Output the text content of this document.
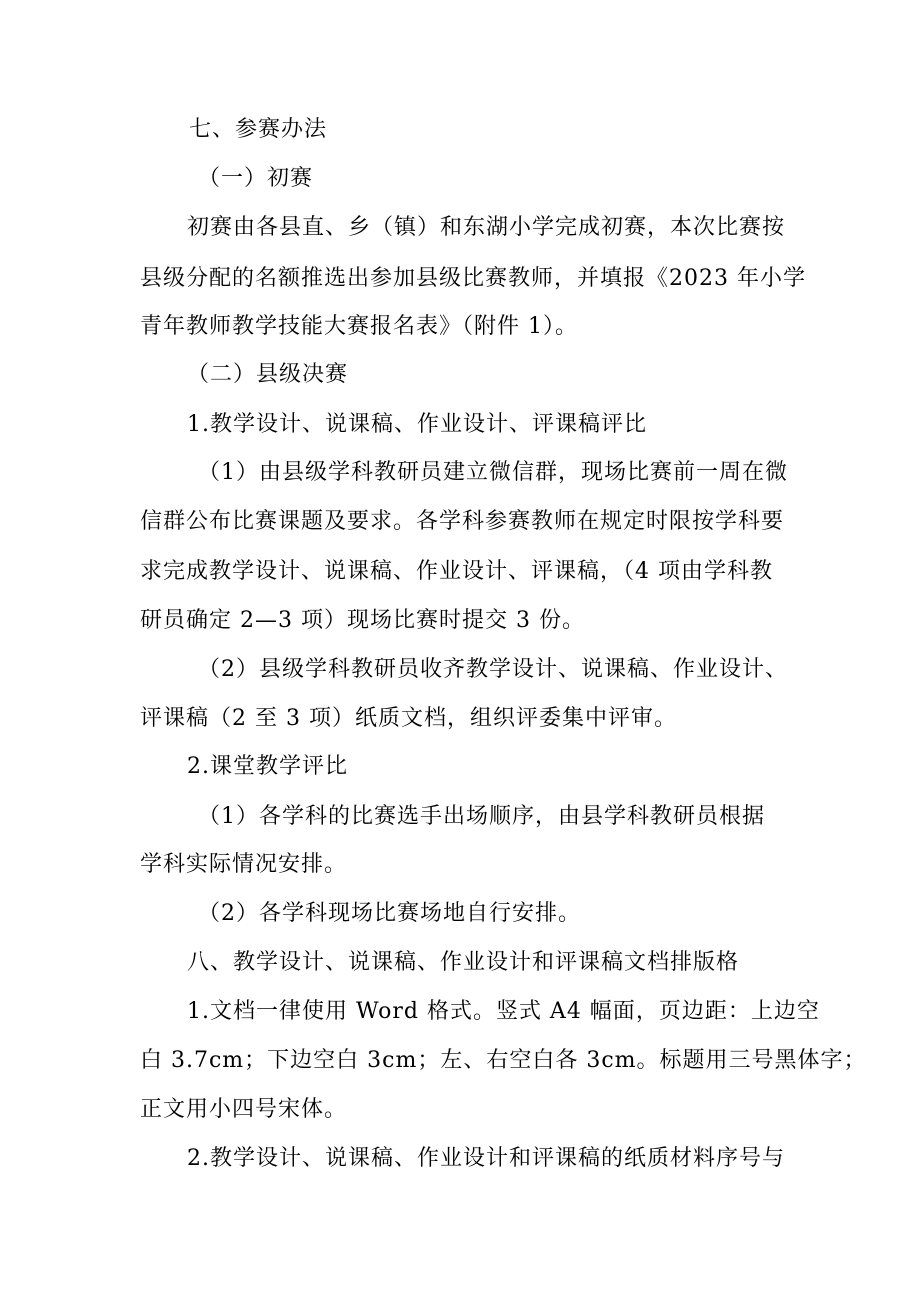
七、参赛办法
（一）初赛
初赛由各县直、乡（镇）和东湖小学完成初赛，本次比赛按
县级分配的名额推选出参加县级比赛教师，并填报《2023 年小学
青年教师教学技能大赛报名表》（附件 1）。
（二）县级决赛
1.教学设计、说课稿、作业设计、评课稿评比
（1）由县级学科教研员建立微信群，现场比赛前一周在微
信群公布比赛课题及要求。各学科参赛教师在规定时限按学科要
求完成教学设计、说课稿、作业设计、评课稿，（4 项由学科教
研员确定 2—3 项）现场比赛时提交 3 份。
（2）县级学科教研员收齐教学设计、说课稿、作业设计、
评课稿（2 至 3 项）纸质文档，组织评委集中评审。
2.课堂教学评比
（1）各学科的比赛选手出场顺序，由县学科教研员根据
学科实际情况安排。
（2）各学科现场比赛场地自行安排。
八、教学设计、说课稿、作业设计和评课稿文档排版格
1.文档一律使用 Word 格式。竖式 A4 幅面，页边距：上边空
白 3.7cm；下边空白 3cm；左、右空白各 3cm。标题用三号黑体字；
正文用小四号宋体。
2.教学设计、说课稿、作业设计和评课稿的纸质材料序号与
